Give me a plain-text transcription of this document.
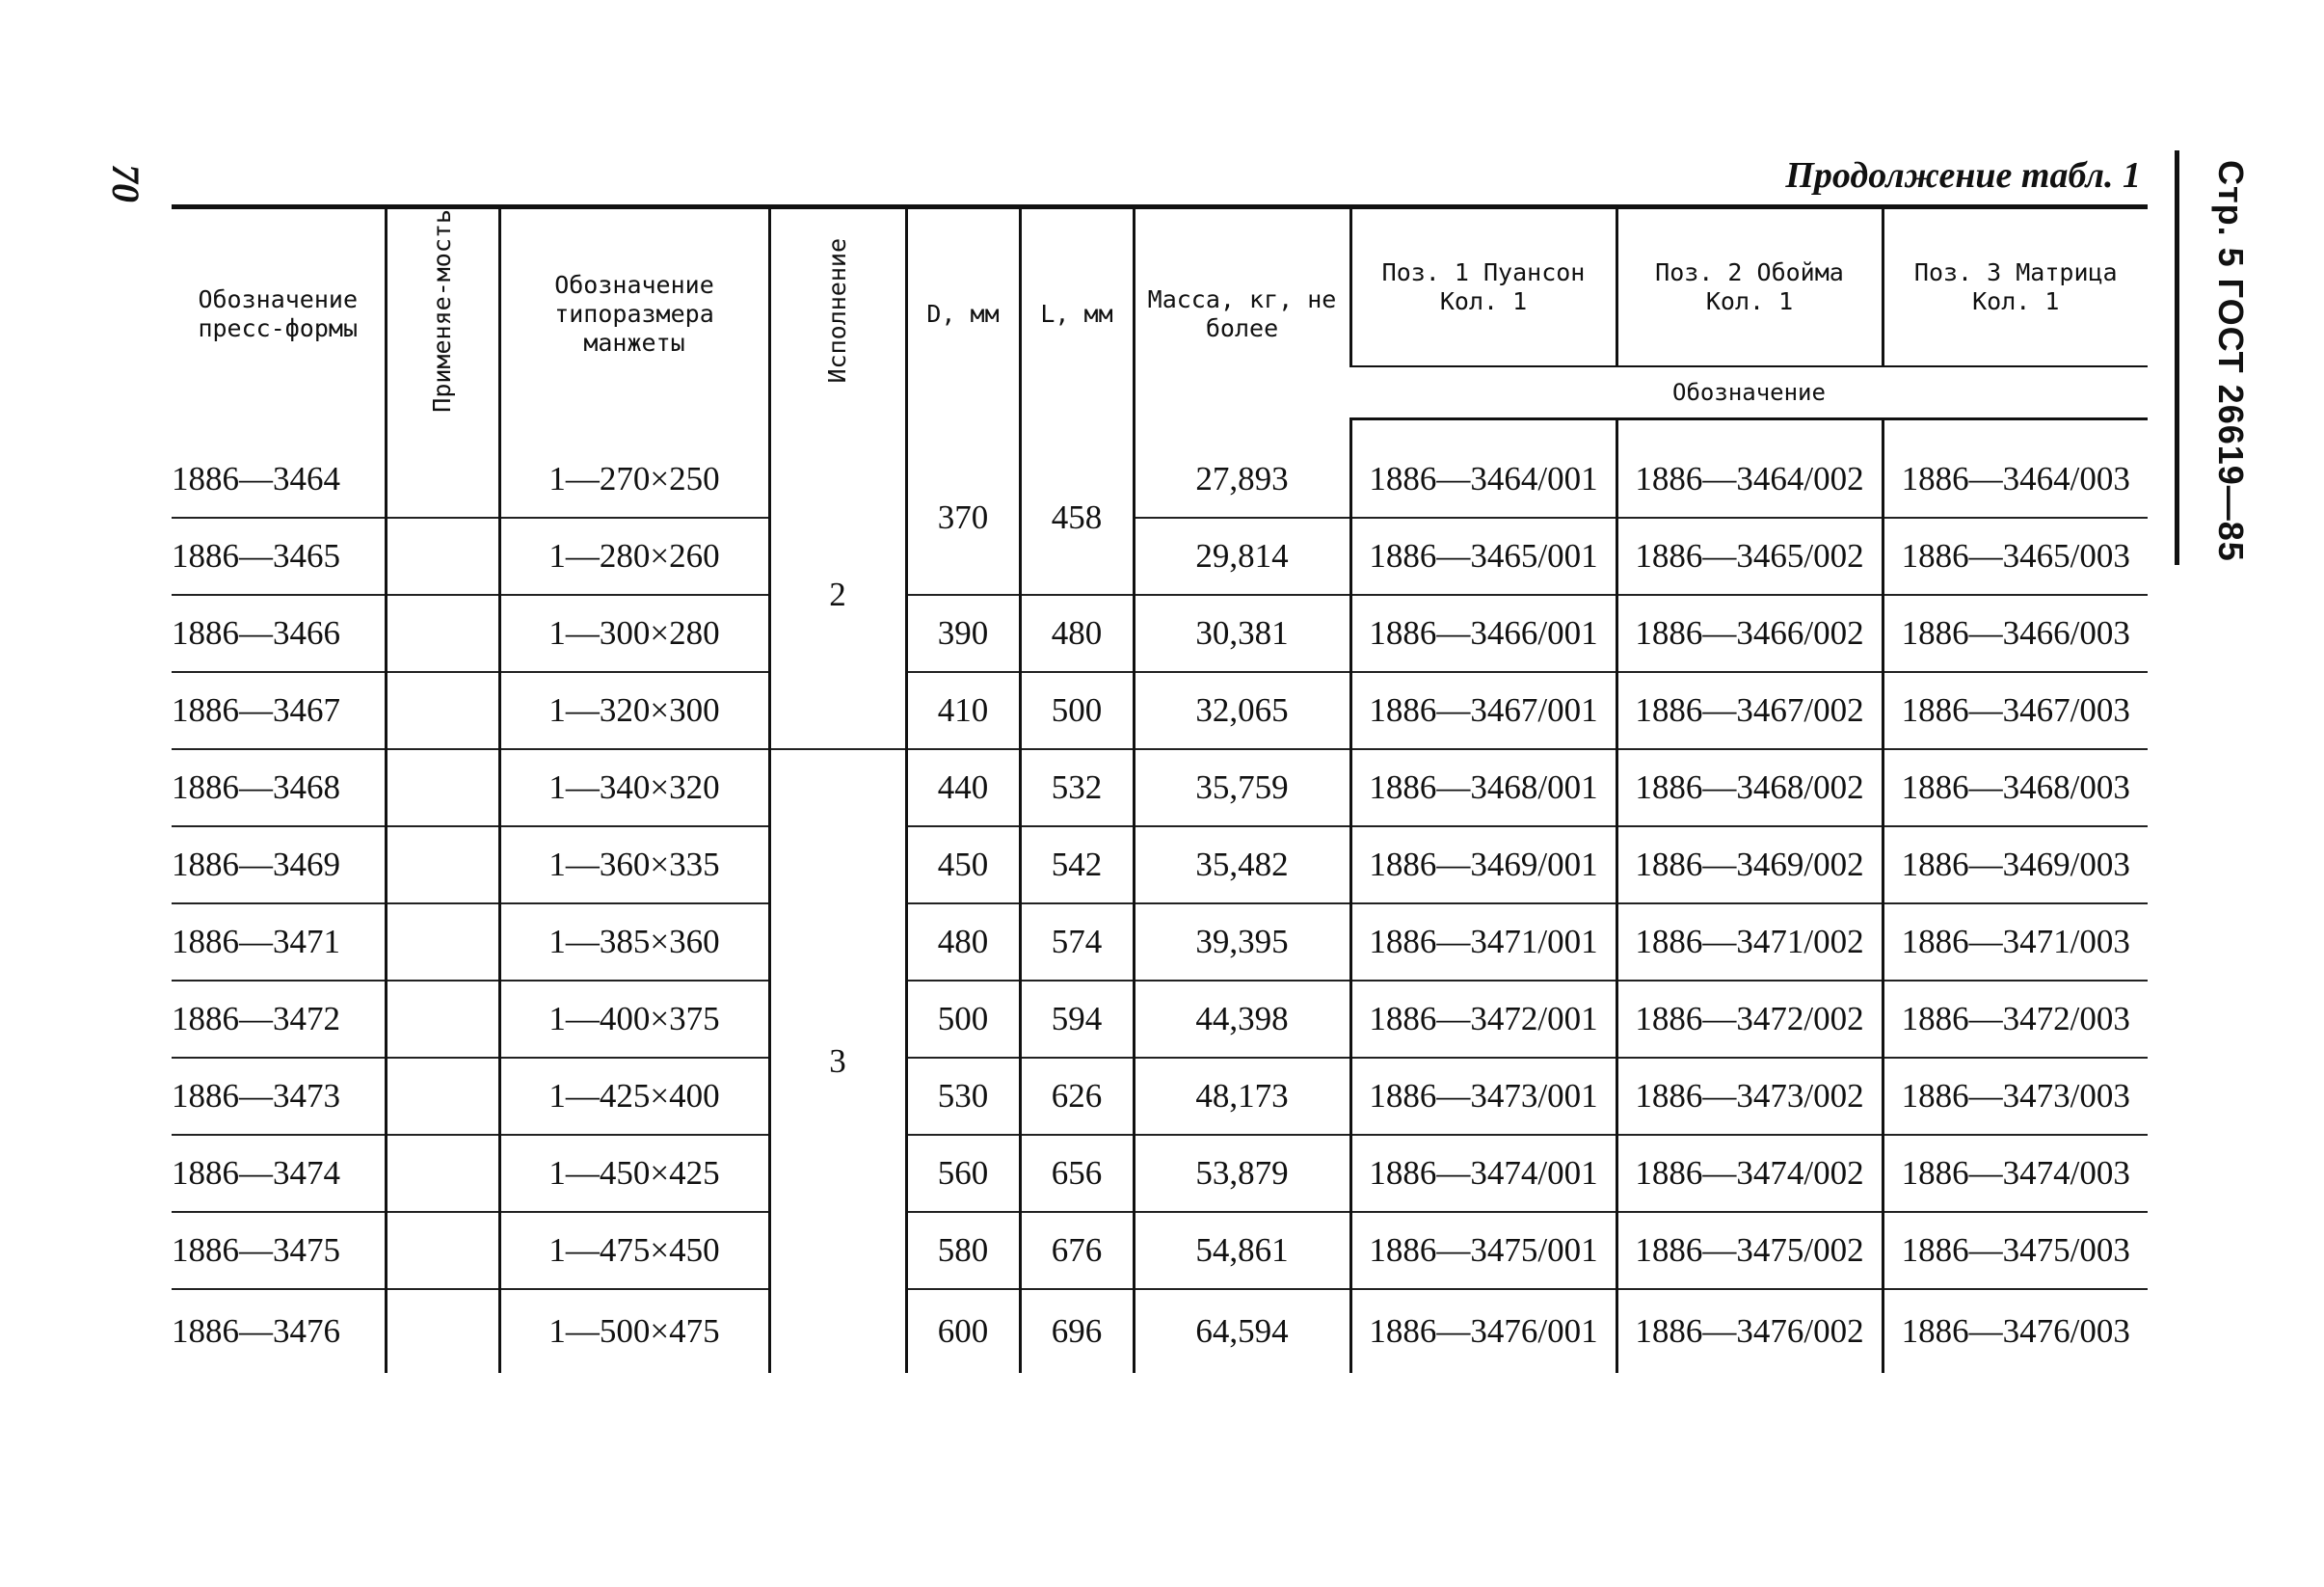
70	Продолжение табл. 1 Стр. 5 ГОСТ 26619—85
Обозначение пресс-формы	Применяе-мость	Обозначение типоразмера манжеты	Исполнение	D, мм	L, мм	Масса, кг, не более	Поз. 1 Пуансон Кол. 1	Поз. 2 Обойма Кол. 1	Поз. 3 Матрица Кол. 1
							Обозначение		

1886—3464		1—270×250	2	370	458	27,893	1886—3464/001	1886—3464/002	1886—3464/003
1886—3465		1—280×260				29,814	1886—3465/001	1886—3465/002	1886—3465/003
1886—3466		1—300×280		390	480	30,381	1886—3466/001	1886—3466/002	1886—3466/003
1886—3467		1—320×300		410	500	32,065	1886—3467/001	1886—3467/002	1886—3467/003
1886—3468		1—340×320	3	440	532	35,759	1886—3468/001	1886—3468/002	1886—3468/003
1886—3469		1—360×335		450	542	35,482	1886—3469/001	1886—3469/002	1886—3469/003
1886—3471		1—385×360		480	574	39,395	1886—3471/001	1886—3471/002	1886—3471/003
1886—3472		1—400×375		500	594	44,398	1886—3472/001	1886—3472/002	1886—3472/003
1886—3473		1—425×400		530	626	48,173	1886—3473/001	1886—3473/002	1886—3473/003
1886—3474		1—450×425		560	656	53,879	1886—3474/001	1886—3474/002	1886—3474/003
1886—3475		1—475×450		580	676	54,861	1886—3475/001	1886—3475/002	1886—3475/003
1886—3476		1—500×475		600	696	64,594	1886—3476/001	1886—3476/002	1886—3476/003
